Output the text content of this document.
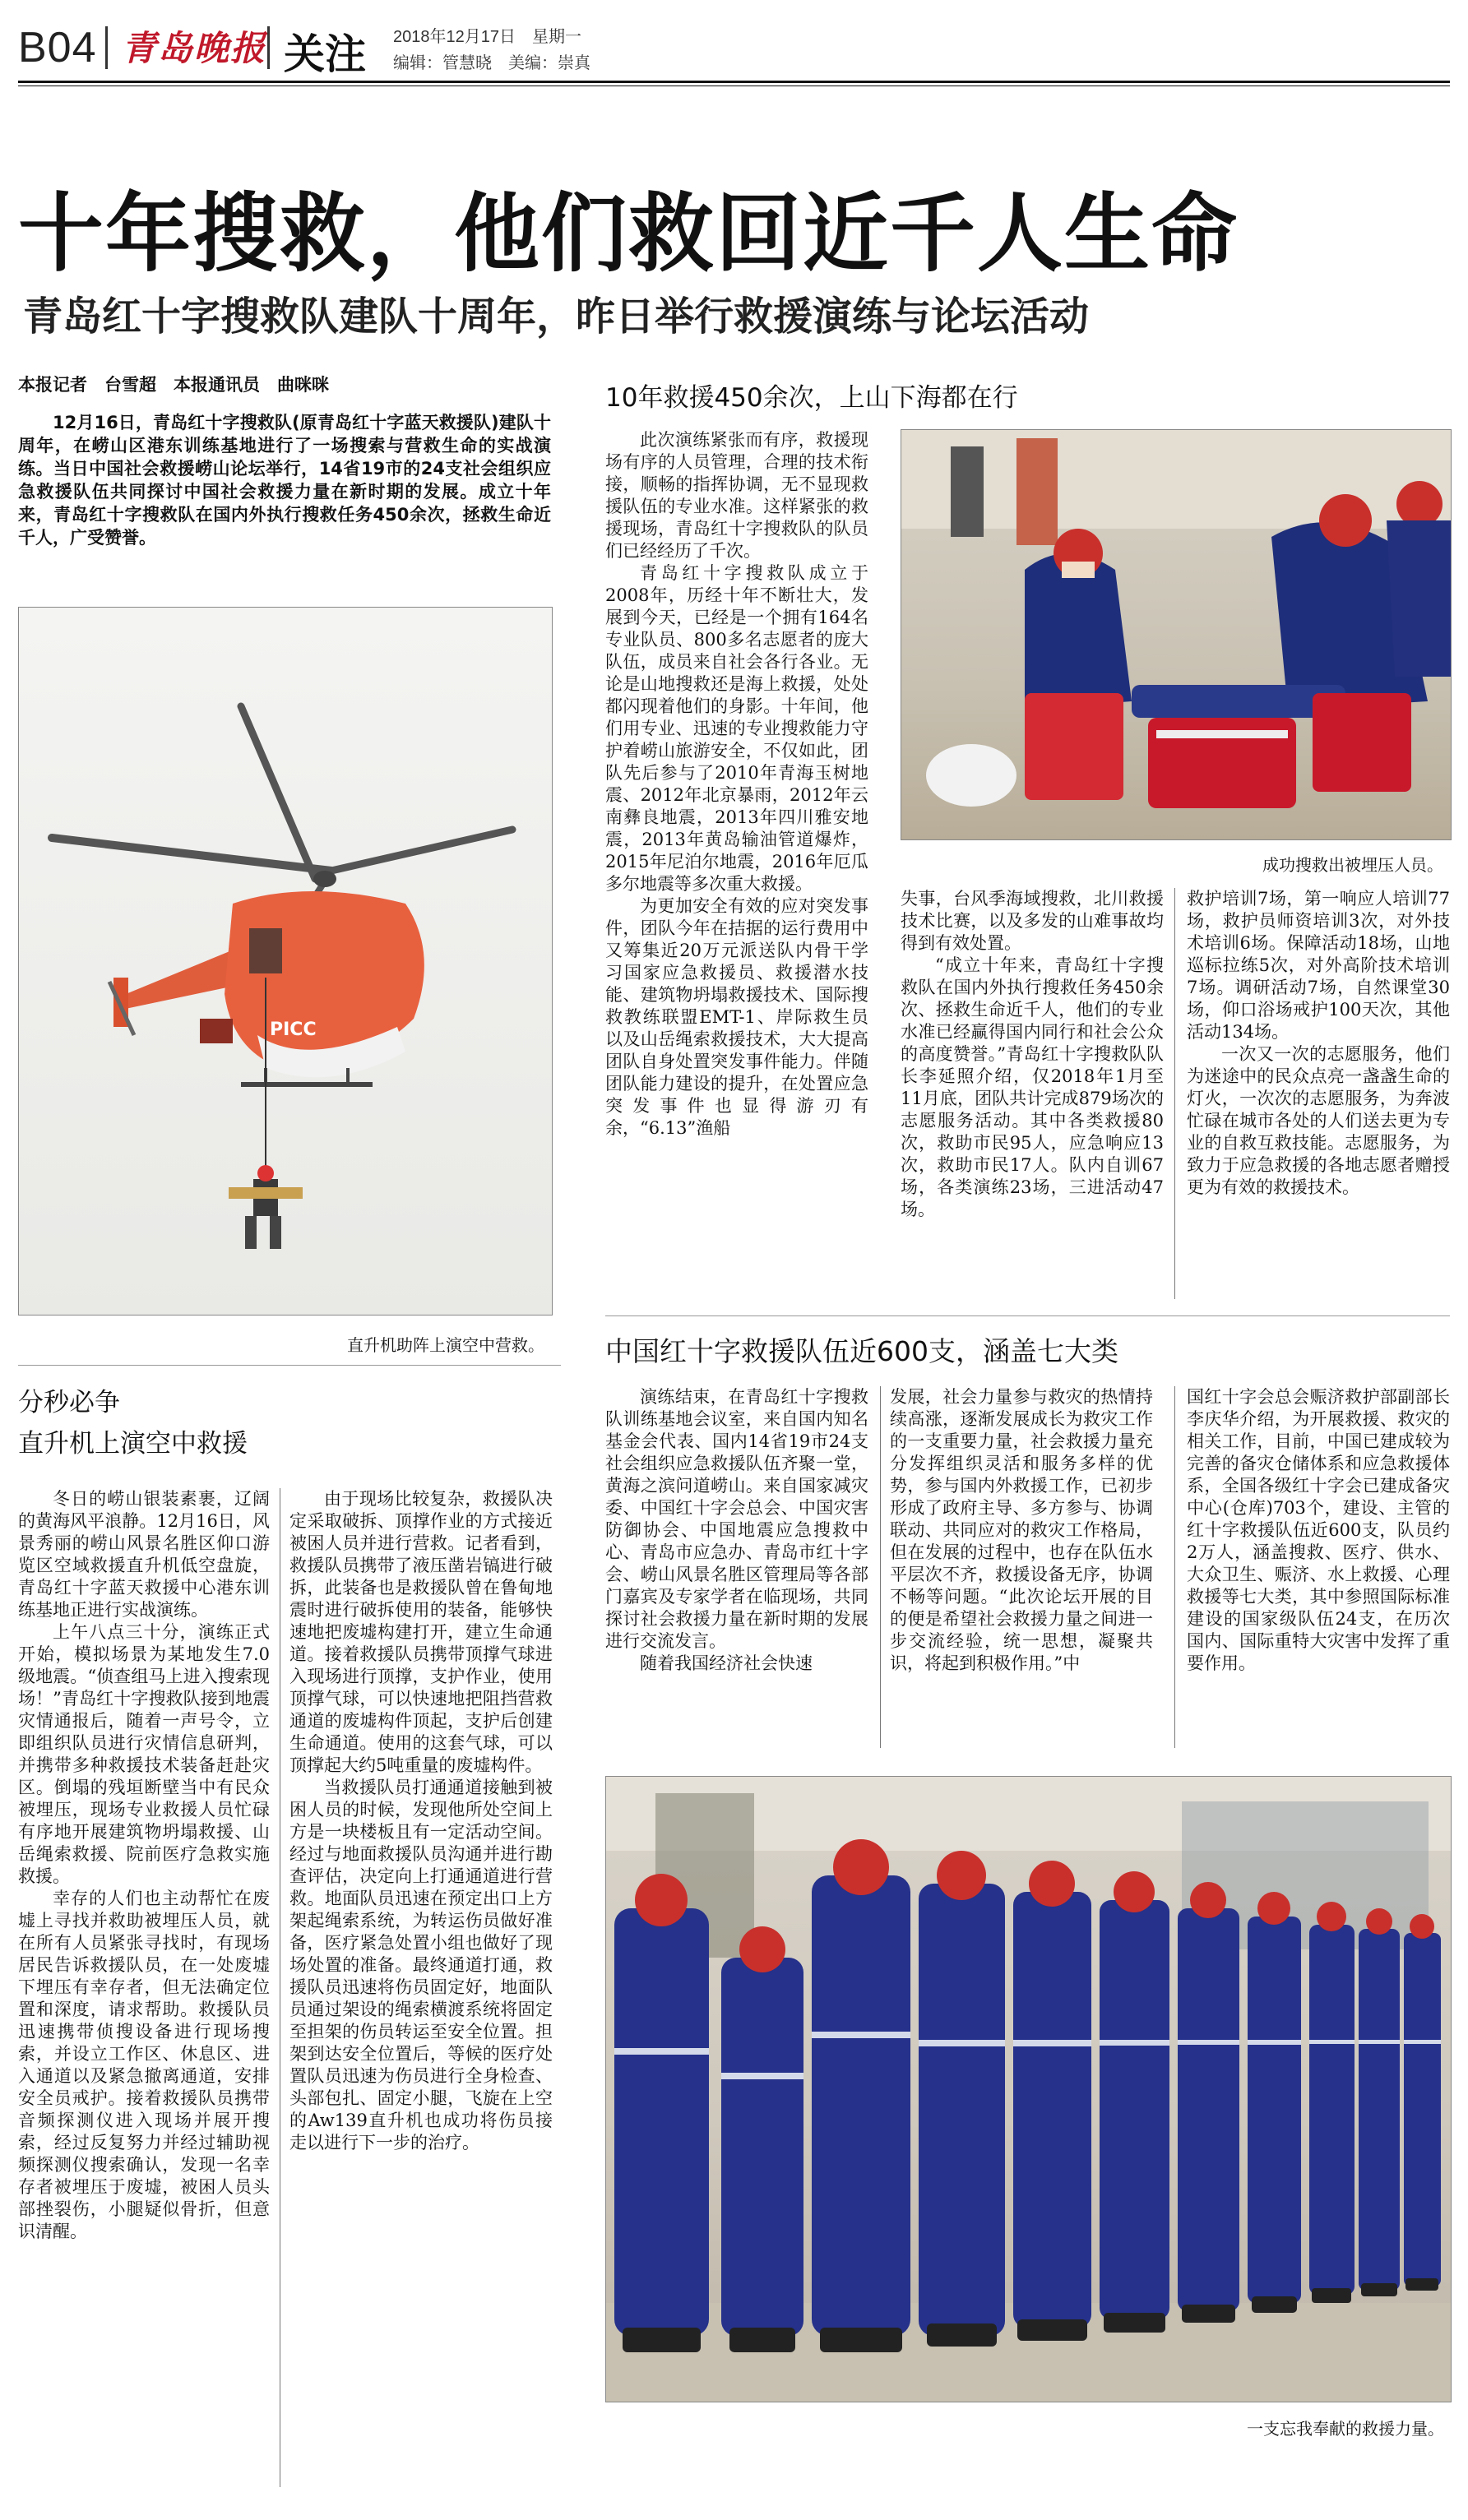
B04 青岛晚报 关注 2018年12月17日　星期一
编辑：管慧晓　美编：崇真
十年搜救，他们救回近千人生命
青岛红十字搜救队建队十周年，昨日举行救援演练与论坛活动
本报记者　台雪超　本报通讯员　曲咪咪
12月16日，青岛红十字搜救队(原青岛红十字蓝天救援队)建队十周年，在崂山区港东训练基地进行了一场搜索与营救生命的实战演练。当日中国社会救援崂山论坛举行，14省19市的24支社会组织应急救援队伍共同探讨中国社会救援力量在新时期的发展。成立十年来，青岛红十字搜救队在国内外执行搜救任务450余次，拯救生命近千人，广受赞誉。
PICC
直升机助阵上演空中营救。
10年救援450余次，上山下海都在行

此次演练紧张而有序，救援现场有序的人员管理，合理的技术衔接，顺畅的指挥协调，无不显现救援队伍的专业水准。这样紧张的救援现场，青岛红十字搜救队的队员们已经经历了千次。

青岛红十字搜救队成立于2008年，历经十年不断壮大，发展到今天，已经是一个拥有164名专业队员、800多名志愿者的庞大队伍，成员来自社会各行各业。无论是山地搜救还是海上救援，处处都闪现着他们的身影。十年间，他们用专业、迅速的专业搜救能力守护着崂山旅游安全，不仅如此，团队先后参与了2010年青海玉树地震、2012年北京暴雨，2012年云南彝良地震，2013年四川雅安地震，2013年黄岛输油管道爆炸，2015年尼泊尔地震，2016年厄瓜多尔地震等多次重大救援。

为更加安全有效的应对突发事件，团队今年在拮据的运行费用中又筹集近20万元派送队内骨干学习国家应急救援员、救援潜水技能、建筑物坍塌救援技术、国际搜救教练联盟EMT-1、岸际救生员以及山岳绳索救援技术，大大提高团队自身处置突发事件能力。伴随团队能力建设的提升，在处置应急突发事件也显得游刃有余，“6.13”渔船

成功搜救出被埋压人员。

失事，台风季海域搜救，北川救援技术比赛，以及多发的山难事故均得到有效处置。

“成立十年来，青岛红十字搜救队在国内外执行搜救任务450余次、拯救生命近千人，他们的专业水准已经赢得国内同行和社会公众的高度赞誉。”青岛红十字搜救队队长李延照介绍，仅2018年1月至11月底，团队共计完成879场次的志愿服务活动。其中各类救援80次，救助市民95人，应急响应13次，救助市民17人。队内自训67场，各类演练23场，三进活动47场。

救护培训7场，第一响应人培训77场，救护员师资培训3次，对外技术培训6场。保障活动18场，山地巡标拉练5次，对外高阶技术培训7场。调研活动7场，自然课堂30场，仰口浴场戒护100天次，其他活动134场。

一次又一次的志愿服务，他们为迷途中的民众点亮一盏盏生命的灯火，一次次的志愿服务，为奔波忙碌在城市各处的人们送去更为专业的自救互救技能。志愿服务，为致力于应急救援的各地志愿者赠授更为有效的救援技术。

分秒必争
直升机上演空中救援

冬日的崂山银装素裹，辽阔的黄海风平浪静。12月16日，风景秀丽的崂山风景名胜区仰口游览区空域救援直升机低空盘旋，青岛红十字蓝天救援中心港东训练基地正进行实战演练。

上午八点三十分，演练正式开始，模拟场景为某地发生7.0级地震。“侦查组马上进入搜索现场！”青岛红十字搜救队接到地震灾情通报后，随着一声号令，立即组织队员进行灾情信息研判，并携带多种救援技术装备赶赴灾区。倒塌的残垣断壁当中有民众被埋压，现场专业救援人员忙碌有序地开展建筑物坍塌救援、山岳绳索救援、院前医疗急救实施救援。

幸存的人们也主动帮忙在废墟上寻找并救助被埋压人员，就在所有人员紧张寻找时，有现场居民告诉救援队员，在一处废墟下埋压有幸存者，但无法确定位置和深度，请求帮助。救援队员迅速携带侦搜设备进行现场搜索，并设立工作区、休息区、进入通道以及紧急撤离通道，安排安全员戒护。接着救援队员携带音频探测仪进入现场并展开搜索，经过反复努力并经过辅助视频探测仪搜索确认，发现一名幸存者被埋压于废墟，被困人员头部挫裂伤，小腿疑似骨折，但意识清醒。

由于现场比较复杂，救援队决定采取破拆、顶撑作业的方式接近被困人员并进行营救。记者看到，救援队员携带了液压凿岩镐进行破拆，此装备也是救援队曾在鲁甸地震时进行破拆使用的装备，能够快速地把废墟构建打开，建立生命通道。接着救援队员携带顶撑气球进入现场进行顶撑，支护作业，使用顶撑气球，可以快速地把阻挡营救通道的废墟构件顶起，支护后创建生命通道。使用的这套气球，可以顶撑起大约5吨重量的废墟构件。

当救援队员打通通道接触到被困人员的时候，发现他所处空间上方是一块楼板且有一定活动空间。经过与地面救援队员沟通并进行勘查评估，决定向上打通通道进行营救。地面队员迅速在预定出口上方架起绳索系统，为转运伤员做好准备，医疗紧急处置小组也做好了现场处置的准备。最终通道打通，救援队员迅速将伤员固定好，地面队员通过架设的绳索横渡系统将固定至担架的伤员转运至安全位置。担架到达安全位置后，等候的医疗处置队员迅速为伤员进行全身检查、头部包扎、固定小腿，飞旋在上空的Aw139直升机也成功将伤员接走以进行下一步的治疗。

中国红十字救援队伍近600支，涵盖七大类

演练结束，在青岛红十字搜救队训练基地会议室，来自国内知名基金会代表、国内14省19市24支社会组织应急救援队伍齐聚一堂，黄海之滨问道崂山。来自国家减灾委、中国红十字会总会、中国灾害防御协会、中国地震应急搜救中心、青岛市应急办、青岛市红十字会、崂山风景名胜区管理局等各部门嘉宾及专家学者在临现场，共同探讨社会救援力量在新时期的发展进行交流发言。

随着我国经济社会快速

发展，社会力量参与救灾的热情持续高涨，逐渐发展成长为救灾工作的一支重要力量，社会救援力量充分发挥组织灵活和服务多样的优势，参与国内外救援工作，已初步形成了政府主导、多方参与、协调联动、共同应对的救灾工作格局，但在发展的过程中，也存在队伍水平层次不齐，救援设备无序，协调不畅等问题。“此次论坛开展的目的便是希望社会救援力量之间进一步交流经验，统一思想，凝聚共识，将起到积极作用。”中

国红十字会总会赈济救护部副部长李庆华介绍，为开展救援、救灾的相关工作，目前，中国已建成较为完善的备灾仓储体系和应急救援体系，全国各级红十字会已建成备灾中心(仓库)703个，建设、主管的红十字救援队伍近600支，队员约2万人，涵盖搜救、医疗、供水、大众卫生、赈济、水上救援、心理救援等七大类，其中参照国际标准建设的国家级队伍24支，在历次国内、国际重特大灾害中发挥了重要作用。

一支忘我奉献的救援力量。
